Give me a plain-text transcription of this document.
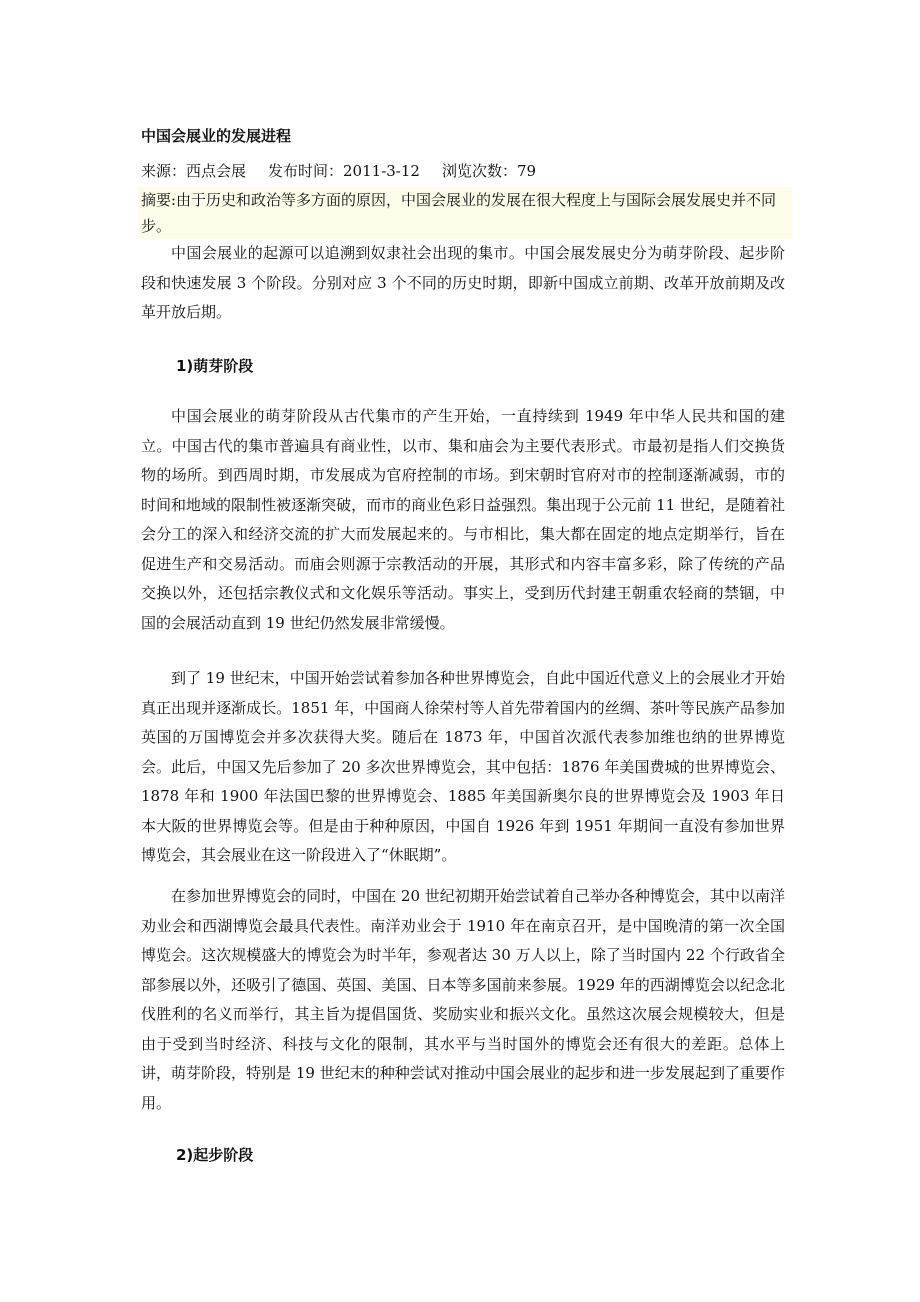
中国会展业的发展进程
来源：西点会展 发布时间：2011-3-12 浏览次数：79
摘要:由于历史和政治等多方面的原因，中国会展业的发展在很大程度上与国际会展发展史并不同步。

中国会展业的起源可以追溯到奴隶社会出现的集市。中国会展发展史分为萌芽阶段、起步阶段和快速发展 3 个阶段。分别对应 3 个不同的历史时期，即新中国成立前期、改革开放前期及改革开放后期。

1)萌芽阶段

中国会展业的萌芽阶段从古代集市的产生开始，一直持续到 1949 年中华人民共和国的建立。中国古代的集市普遍具有商业性，以市、集和庙会为主要代表形式。市最初是指人们交换货物的场所。到西周时期，市发展成为官府控制的市场。到宋朝时官府对市的控制逐渐减弱，市的时间和地域的限制性被逐渐突破，而市的商业色彩日益强烈。集出现于公元前 11 世纪，是随着社会分工的深入和经济交流的扩大而发展起来的。与市相比，集大都在固定的地点定期举行，旨在促进生产和交易活动。而庙会则源于宗教活动的开展，其形式和内容丰富多彩，除了传统的产品交换以外，还包括宗教仪式和文化娱乐等活动。事实上，受到历代封建王朝重农轻商的禁锢，中国的会展活动直到 19 世纪仍然发展非常缓慢。

到了 19 世纪末，中国开始尝试着参加各种世界博览会，自此中国近代意义上的会展业才开始真正出现并逐渐成长。1851 年，中国商人徐荣村等人首先带着国内的丝绸、茶叶等民族产品参加英国的万国博览会并多次获得大奖。随后在 1873 年，中国首次派代表参加维也纳的世界博览会。此后，中国又先后参加了 20 多次世界博览会，其中包括：1876 年美国费城的世界博览会、1878 年和 1900 年法国巴黎的世界博览会、1885 年美国新奥尔良的世界博览会及 1903 年日本大阪的世界博览会等。但是由于种种原因，中国自 1926 年到 1951 年期间一直没有参加世界博览会，其会展业在这一阶段进入了“休眠期”。

在参加世界博览会的同时，中国在 20 世纪初期开始尝试着自己举办各种博览会，其中以南洋劝业会和西湖博览会最具代表性。南洋劝业会于 1910 年在南京召开，是中国晚清的第一次全国博览会。这次规模盛大的博览会为时半年，参观者达 30 万人以上，除了当时国内 22 个行政省全部参展以外，还吸引了德国、英国、美国、日本等多国前来参展。1929 年的西湖博览会以纪念北伐胜利的名义而举行，其主旨为提倡国货、奖励实业和振兴文化。虽然这次展会规模较大，但是由于受到当时经济、科技与文化的限制，其水平与当时国外的博览会还有很大的差距。总体上讲，萌芽阶段，特别是 19 世纪末的种种尝试对推动中国会展业的起步和进一步发展起到了重要作用。

2)起步阶段
